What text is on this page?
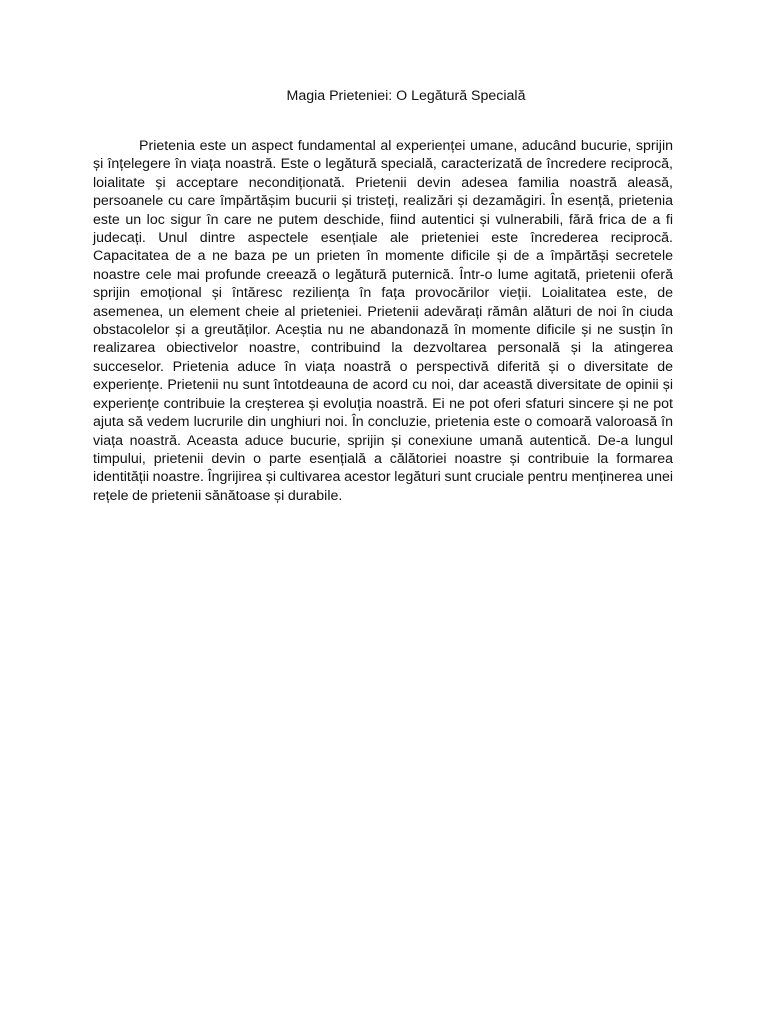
Magia Prieteniei: O Legătură Specială

Prietenia este un aspect fundamental al experienței umane, aducând bucurie, sprijin și înțelegere în viața noastră. Este o legătură specială, caracterizată de încredere reciprocă, loialitate și acceptare necondiționată. Prietenii devin adesea familia noastră aleasă, persoanele cu care împărtășim bucurii și tristeți, realizări și dezamăgiri. În esență, prietenia este un loc sigur în care ne putem deschide, fiind autentici și vulnerabili, fără frica de a fi judecați. Unul dintre aspectele esențiale ale prieteniei este încrederea reciprocă. Capacitatea de a ne baza pe un prieten în momente dificile și de a împărtăși secretele noastre cele mai profunde creează o legătură puternică. Într-o lume agitată, prietenii oferă sprijin emoțional și întăresc reziliența în fața provocărilor vieții. Loialitatea este, de asemenea, un element cheie al prieteniei. Prietenii adevărați rămân alături de noi în ciuda obstacolelor și a greutăților. Aceștia nu ne abandonază în momente dificile și ne susțin în realizarea obiectivelor noastre, contribuind la dezvoltarea personală și la atingerea succeselor. Prietenia aduce în viața noastră o perspectivă diferită și o diversitate de experiențe. Prietenii nu sunt întotdeauna de acord cu noi, dar această diversitate de opinii și experiențe contribuie la creșterea și evoluția noastră. Ei ne pot oferi sfaturi sincere și ne pot ajuta să vedem lucrurile din unghiuri noi. În concluzie, prietenia este o comoară valoroasă în viața noastră. Aceasta aduce bucurie, sprijin și conexiune umană autentică. De-a lungul timpului, prietenii devin o parte esențială a călătoriei noastre și contribuie la formarea identității noastre. Îngrijirea și cultivarea acestor legături sunt cruciale pentru menținerea unei rețele de prietenii sănătoase și durabile.
